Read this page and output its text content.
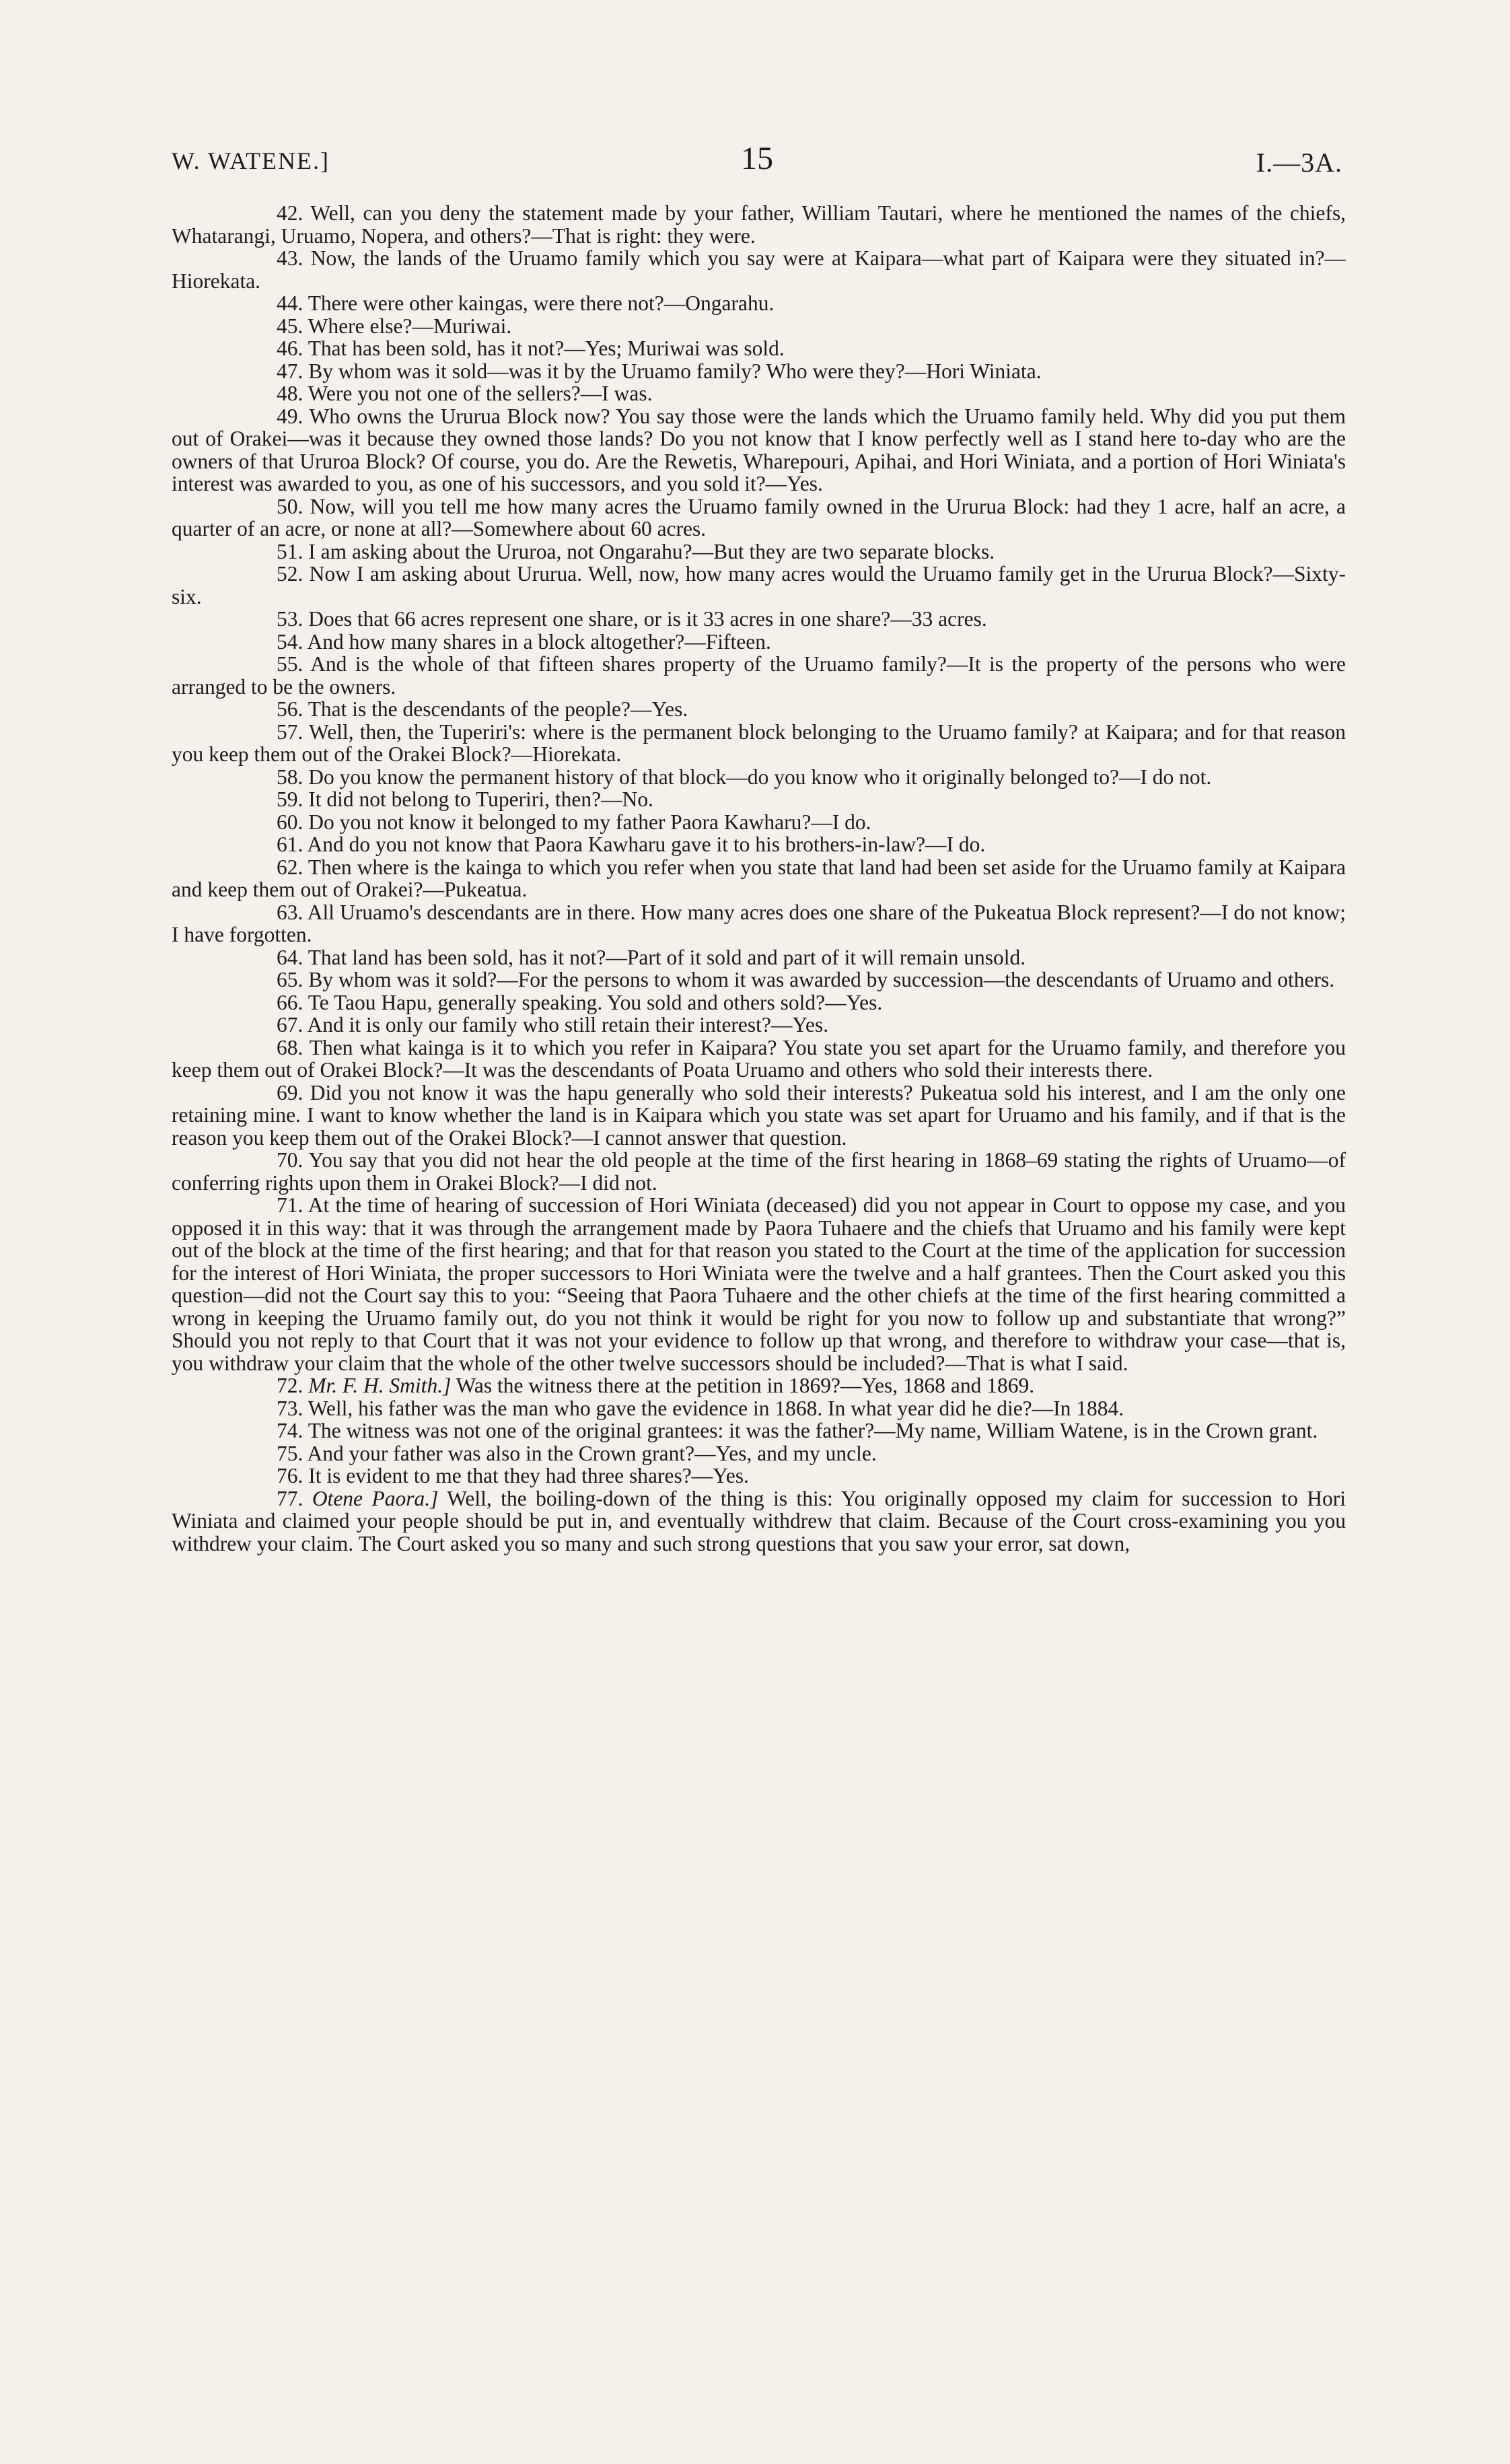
W. WATENE.]	15	I.—3A.

42. Well, can you deny the statement made by your father, William Tautari, where he mentioned the names of the chiefs, Whatarangi, Uruamo, Nopera, and others?—That is right: they were.

43. Now, the lands of the Uruamo family which you say were at Kaipara—what part of Kaipara were they situated in?—Hiorekata.

44. There were other kaingas, were there not?—Ongarahu.

45. Where else?—Muriwai.

46. That has been sold, has it not?—Yes; Muriwai was sold.

47. By whom was it sold—was it by the Uruamo family? Who were they?—Hori Winiata.

48. Were you not one of the sellers?—I was.

49. Who owns the Ururua Block now? You say those were the lands which the Uruamo family held. Why did you put them out of Orakei—was it because they owned those lands? Do you not know that I know perfectly well as I stand here to-day who are the owners of that Ururoa Block? Of course, you do. Are the Rewetis, Wharepouri, Apihai, and Hori Winiata, and a portion of Hori Winiata's interest was awarded to you, as one of his successors, and you sold it?—Yes.

50. Now, will you tell me how many acres the Uruamo family owned in the Ururua Block: had they 1 acre, half an acre, a quarter of an acre, or none at all?—Somewhere about 60 acres.

51. I am asking about the Ururoa, not Ongarahu?—But they are two separate blocks.

52. Now I am asking about Ururua. Well, now, how many acres would the Uruamo family get in the Ururua Block?—Sixty-six.

53. Does that 66 acres represent one share, or is it 33 acres in one share?—33 acres.

54. And how many shares in a block altogether?—Fifteen.

55. And is the whole of that fifteen shares property of the Uruamo family?—It is the property of the persons who were arranged to be the owners.

56. That is the descendants of the people?—Yes.

57. Well, then, the Tuperiri's: where is the permanent block belonging to the Uruamo family? at Kaipara; and for that reason you keep them out of the Orakei Block?—Hiorekata.

58. Do you know the permanent history of that block—do you know who it originally belonged to?—I do not.

59. It did not belong to Tuperiri, then?—No.

60. Do you not know it belonged to my father Paora Kawharu?—I do.

61. And do you not know that Paora Kawharu gave it to his brothers-in-law?—I do.

62. Then where is the kainga to which you refer when you state that land had been set aside for the Uruamo family at Kaipara and keep them out of Orakei?—Pukeatua.

63. All Uruamo's descendants are in there. How many acres does one share of the Pukeatua Block represent?—I do not know; I have forgotten.

64. That land has been sold, has it not?—Part of it sold and part of it will remain unsold.

65. By whom was it sold?—For the persons to whom it was awarded by succession—the descendants of Uruamo and others.

66. Te Taou Hapu, generally speaking. You sold and others sold?—Yes.

67. And it is only our family who still retain their interest?—Yes.

68. Then what kainga is it to which you refer in Kaipara? You state you set apart for the Uruamo family, and therefore you keep them out of Orakei Block?—It was the descendants of Poata Uruamo and others who sold their interests there.

69. Did you not know it was the hapu generally who sold their interests? Pukeatua sold his interest, and I am the only one retaining mine. I want to know whether the land is in Kaipara which you state was set apart for Uruamo and his family, and if that is the reason you keep them out of the Orakei Block?—I cannot answer that question.

70. You say that you did not hear the old people at the time of the first hearing in 1868–69 stating the rights of Uruamo—of conferring rights upon them in Orakei Block?—I did not.

71. At the time of hearing of succession of Hori Winiata (deceased) did you not appear in Court to oppose my case, and you opposed it in this way: that it was through the arrangement made by Paora Tuhaere and the chiefs that Uruamo and his family were kept out of the block at the time of the first hearing; and that for that reason you stated to the Court at the time of the application for succession for the interest of Hori Winiata, the proper successors to Hori Winiata were the twelve and a half grantees. Then the Court asked you this question—did not the Court say this to you: “Seeing that Paora Tuhaere and the other chiefs at the time of the first hearing committed a wrong in keeping the Uruamo family out, do you not think it would be right for you now to follow up and substantiate that wrong?” Should you not reply to that Court that it was not your evidence to follow up that wrong, and therefore to withdraw your case—that is, you withdraw your claim that the whole of the other twelve successors should be included?—That is what I said.

72. Mr. F. H. Smith.] Was the witness there at the petition in 1869?—Yes, 1868 and 1869.

73. Well, his father was the man who gave the evidence in 1868. In what year did he die?—In 1884.

74. The witness was not one of the original grantees: it was the father?—My name, William Watene, is in the Crown grant.

75. And your father was also in the Crown grant?—Yes, and my uncle.

76. It is evident to me that they had three shares?—Yes.

77. Otene Paora.] Well, the boiling-down of the thing is this: You originally opposed my claim for succession to Hori Winiata and claimed your people should be put in, and eventually withdrew that claim. Because of the Court cross-examining you you withdrew your claim. The Court asked you so many and such strong questions that you saw your error, sat down,
